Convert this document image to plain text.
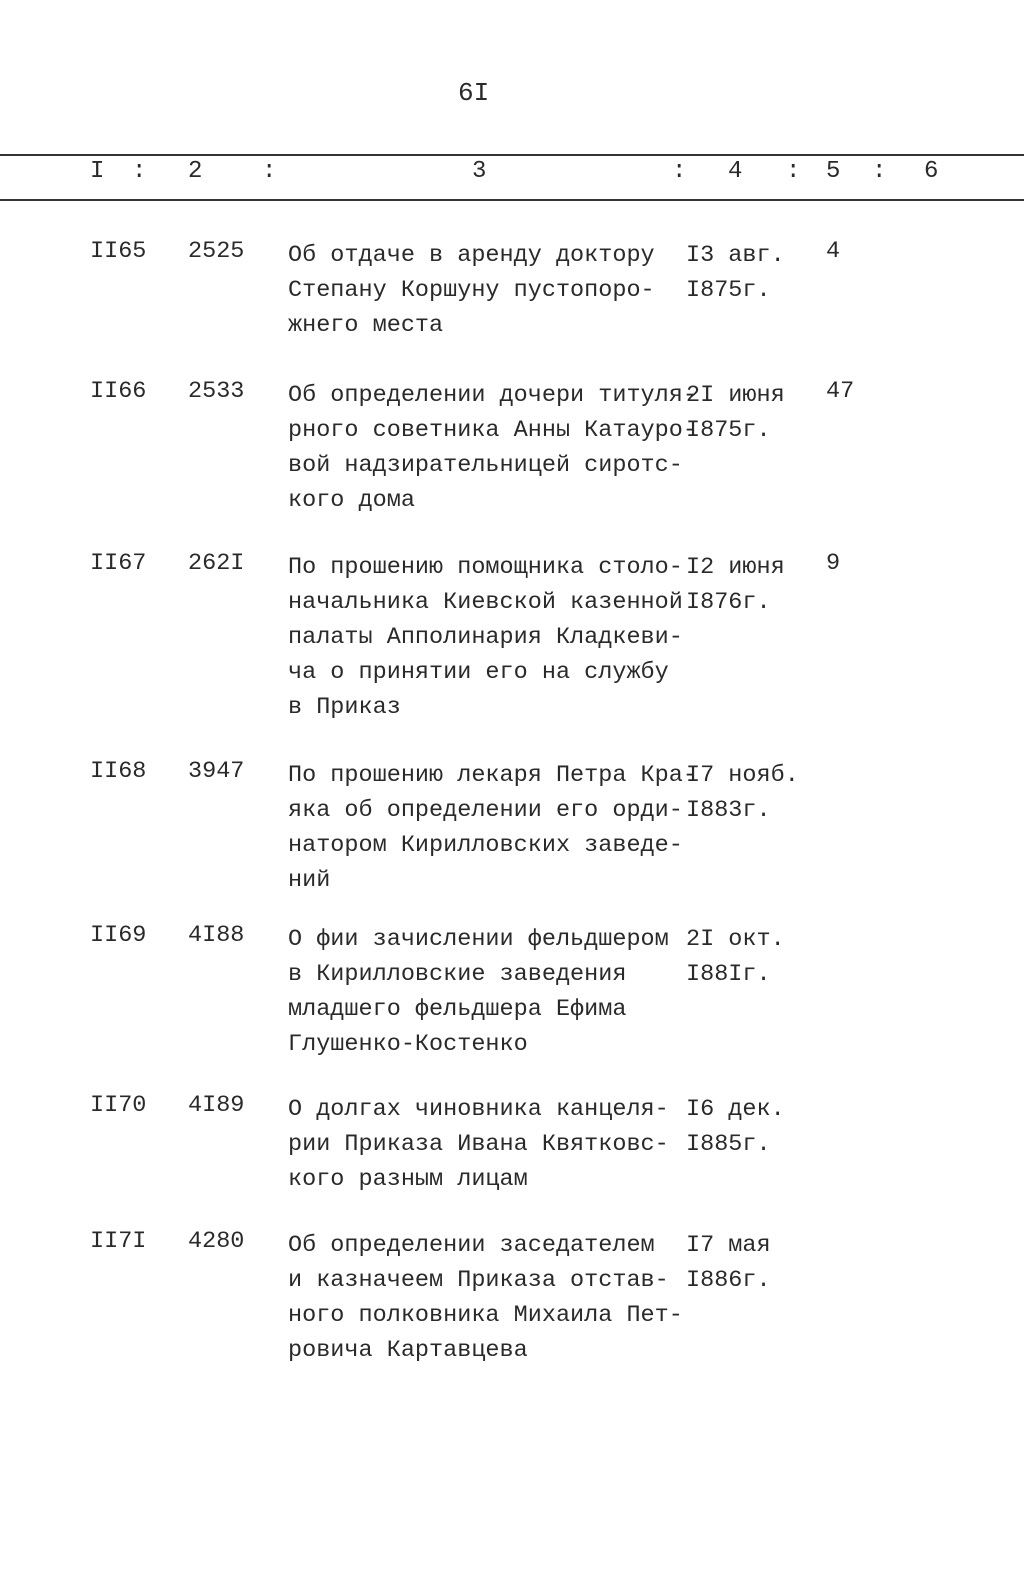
6I
I : 2 :	3	: 4 : 5 : 6
II65 2525 Об отдаче в аренду доктору
Степану Коршуну пустопоро-
жнего места
I3 авг.
I875г.
4
II66 2533 Об определении дочери титуля-
рного советника Анны Катауро-
вой надзирательницей сиротс-
кого дома
2I июня
I875г.
47
II67 262I По прошению помощника столо-
начальника Киевской казенной
палаты Апполинария Кладкеви-
ча о принятии его на службу
в Приказ
I2 июня
I876г.
9
II68 3947 По прошению лекаря Петра Кра-
яка об определении его орди-
натором Кирилловских заведе-
ний
I7 нояб.
I883г.
II69 4I88 О фии зачислении фельдшером
в Кирилловские заведения
младшего фельдшера Ефима
Глушенко-Костенко
2I окт.
I88Iг.
II70 4I89 О долгах чиновника канцеля-
рии Приказа Ивана Квятковс-
кого разным лицам
I6 дек.
I885г.
II7I 4280 Об определении заседателем
и казначеем Приказа отстав-
ного полковника Михаила Пет-
ровича Картавцева
I7 мая
I886г.
